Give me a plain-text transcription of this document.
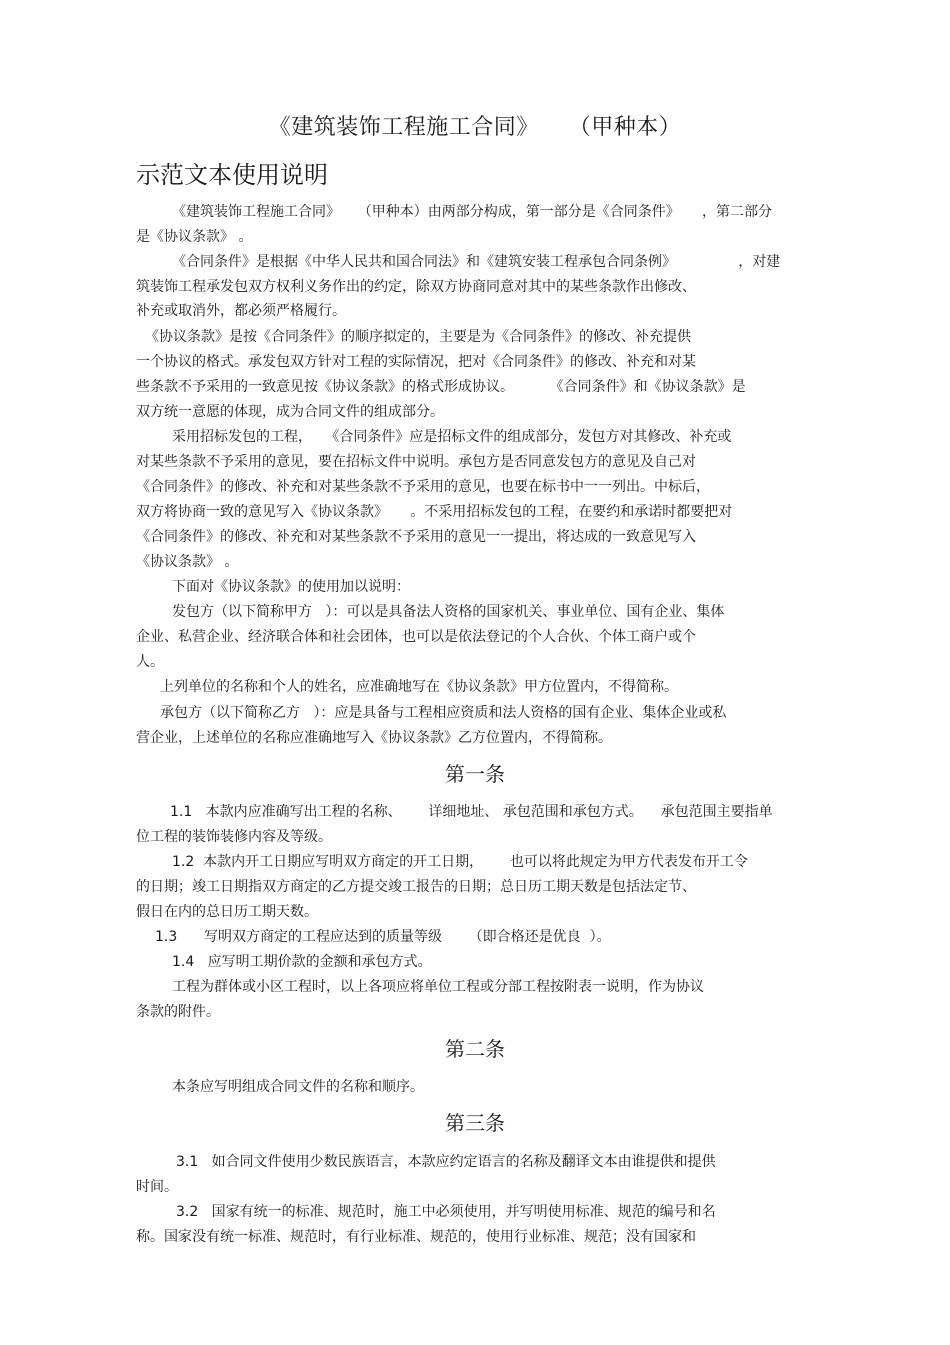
《建筑装饰工程施工合同》    （甲种本）
示范文本使用说明
《建筑装饰工程施工合同》    （甲种本）由两部分构成，第一部分是《合同条件》     ，第二部分
是《协议条款》 。
《合同条件》是根据《中华人民共和国合同法》和《建筑安装工程承包合同条例》              ，对建
筑装饰工程承发包双方权利义务作出的约定，除双方协商同意对其中的某些条款作出修改、
补充或取消外，都必须严格履行。
《协议条款》是按《合同条件》的顺序拟定的，主要是为《合同条件》的修改、补充提供
一个协议的格式。承发包双方针对工程的实际情况，把对《合同条件》的修改、补充和对某
些条款不予采用的一致意见按《协议条款》的格式形成协议。        《合同条件》和《协议条款》是
双方统一意愿的体现，成为合同文件的组成部分。
采用招标发包的工程，   《合同条件》应是招标文件的组成部分，发包方对其修改、补充或
对某些条款不予采用的意见，要在招标文件中说明。承包方是否同意发包方的意见及自己对
《合同条件》的修改、补充和对某些条款不予采用的意见，也要在标书中一一列出。中标后，
双方将协商一致的意见写入《协议条款》     。不采用招标发包的工程，在要约和承诺时都要把对
《合同条件》的修改、补充和对某些条款不予采用的意见一一提出，将达成的一致意见写入
《协议条款》 。
下面对《协议条款》的使用加以说明：
发包方（以下简称甲方   ）：可以是具备法人资格的国家机关、事业单位、国有企业、集体
企业、私营企业、经济联合体和社会团体，也可以是依法登记的个人合伙、个体工商户或个
人。
上列单位的名称和个人的姓名，应准确地写在《协议条款》甲方位置内，不得简称。
承包方（以下简称乙方   ）：应是具备与工程相应资质和法人资格的国有企业、集体企业或私
营企业，上述单位的名称应准确地写入《协议条款》乙方位置内，不得简称。
第一条
1.1   本款内应准确写出工程的名称、      详细地址、 承包范围和承包方式。    承包范围主要指单
位工程的装饰装修内容及等级。
1.2  本款内开工日期应写明双方商定的开工日期，      也可以将此规定为甲方代表发布开工令
的日期；竣工日期指双方商定的乙方提交竣工报告的日期；总日历工期天数是包括法定节、
假日在内的总日历工期天数。
1.3      写明双方商定的工程应达到的质量等级      （即合格还是优良  ）。
1.4   应写明工期价款的金额和承包方式。
工程为群体或小区工程时，以上各项应将单位工程或分部工程按附表一说明，作为协议
条款的附件。
第二条
本条应写明组成合同文件的名称和顺序。
第三条
3.1   如合同文件使用少数民族语言，本款应约定语言的名称及翻译文本由谁提供和提供
时间。
3.2   国家有统一的标准、规范时，施工中必须使用，并写明使用标准、规范的编号和名
称。国家没有统一标准、规范时，有行业标准、规范的，使用行业标准、规范；没有国家和
